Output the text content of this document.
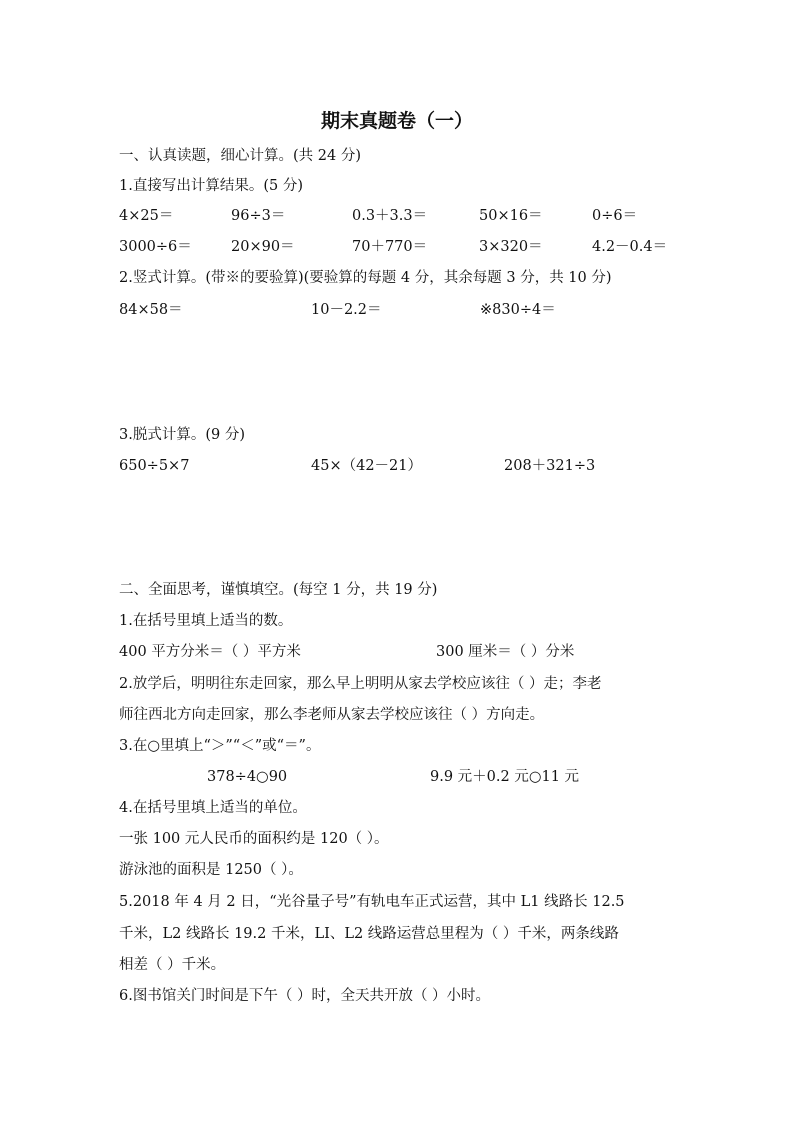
期末真题卷（一）
一、认真读题，细心计算。(共 24 分)
1.直接写出计算结果。(5 分)
4×25＝	96÷3＝	0.3＋3.3＝	50×16＝	0÷6＝
3000÷6＝	20×90＝	70＋770＝	3×320＝	4.2－0.4＝
2.竖式计算。(带※的要验算)(要验算的每题 4 分，其余每题 3 分，共 10 分)
84×58＝	10－2.2＝	※830÷4＝
3.脱式计算。(9 分)
650÷5×7	45×（42－21）	208＋321÷3
二、全面思考，谨慎填空。(每空 1 分，共 19 分)
1.在括号里填上适当的数。
400 平方分米＝（ ）平方米	300 厘米＝（ ）分米
2.放学后，明明往东走回家，那么早上明明从家去学校应该往（ ）走；李老
师往西北方向走回家，那么李老师从家去学校应该往（ ）方向走。
3.在○里填上“＞”“＜”或“＝”。
378÷4○90	9.9 元＋0.2 元○11 元
4.在括号里填上适当的单位。
一张 100 元人民币的面积约是 120（ ）。
游泳池的面积是 1250（ ）。
5.2018 年 4 月 2 日，“光谷量子号”有轨电车正式运营，其中 L1 线路长 12.5
千米，L2 线路长 19.2 千米，LI、L2 线路运营总里程为（ ）千米，两条线路
相差（ ）千米。
6.图书馆关门时间是下午（ ）时，全天共开放（ ）小时。
